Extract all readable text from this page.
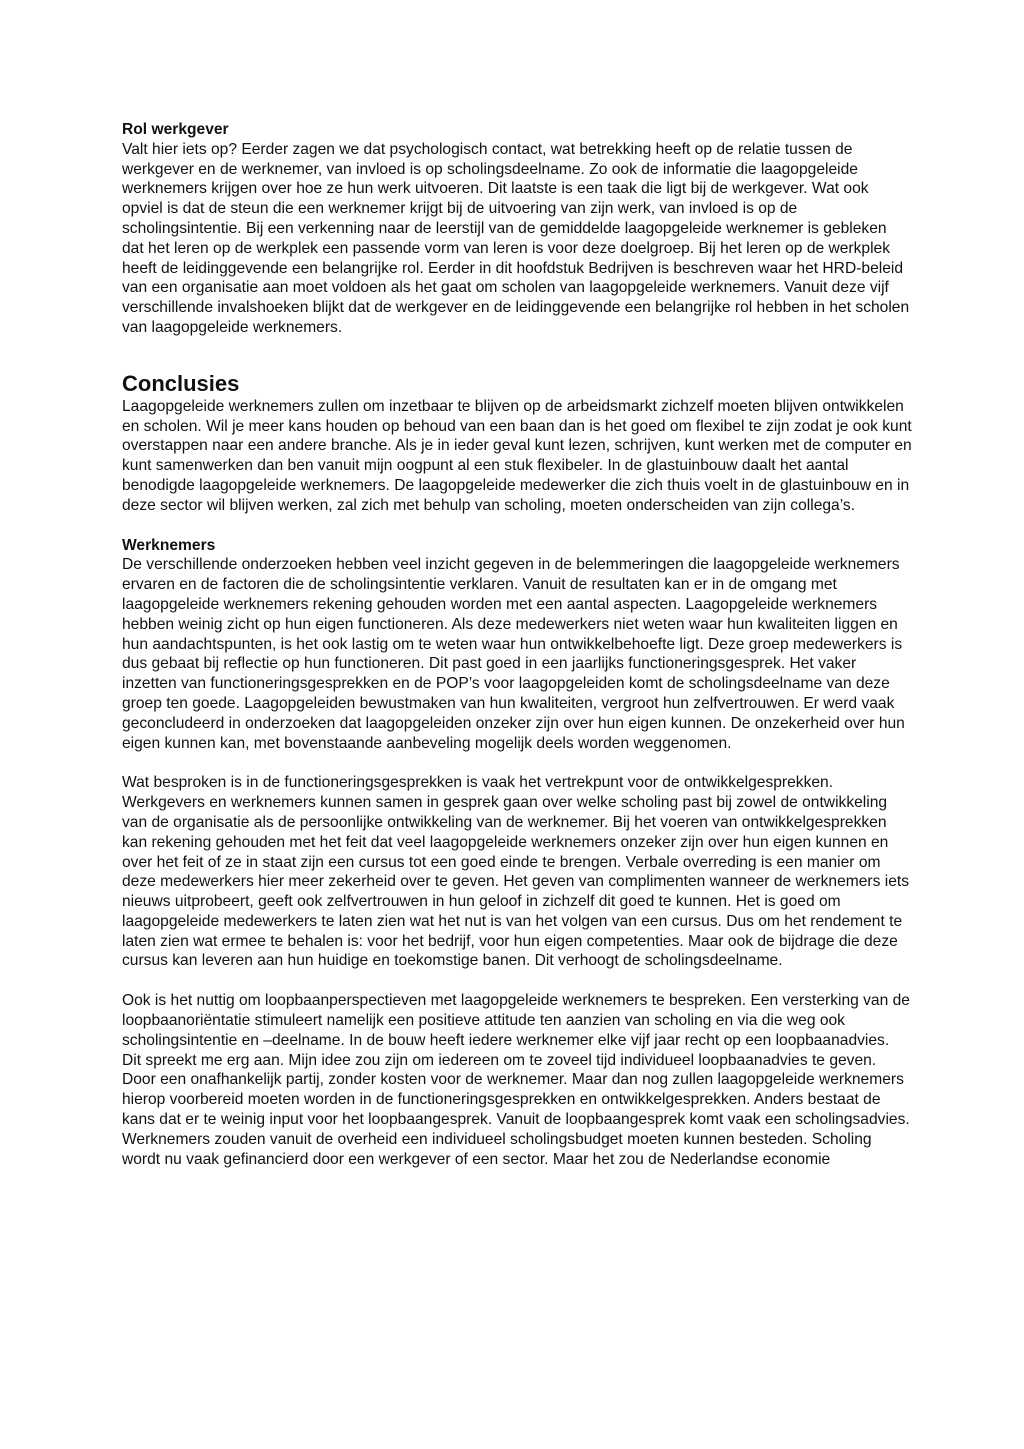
Rol werkgever

Valt hier iets op? Eerder zagen we dat psychologisch contact, wat betrekking heeft op de relatie tussen de werkgever en de werknemer, van invloed is op scholingsdeelname. Zo ook de informatie die laagopgeleide werknemers krijgen over hoe ze hun werk uitvoeren. Dit laatste is een taak die ligt bij de werkgever. Wat ook opviel is dat de steun die een werknemer krijgt bij de uitvoering van zijn werk, van invloed is op de scholingsintentie. Bij een verkenning naar de leerstijl van de gemiddelde laagopgeleide werknemer is gebleken dat het leren op de werkplek een passende vorm van leren is voor deze doelgroep. Bij het leren op de werkplek heeft de leidinggevende een belangrijke rol. Eerder in dit hoofdstuk Bedrijven is beschreven waar het HRD-beleid van een organisatie aan moet voldoen als het gaat om scholen van laagopgeleide werknemers. Vanuit deze vijf verschillende invalshoeken blijkt dat de werkgever en de leidinggevende een belangrijke rol hebben in het scholen van laagopgeleide werknemers.

Conclusies

Laagopgeleide werknemers zullen om inzetbaar te blijven op de arbeidsmarkt zichzelf moeten blijven ontwikkelen en scholen. Wil je meer kans houden op behoud van een baan dan is het goed om flexibel te zijn zodat je ook kunt overstappen naar een andere branche. Als je in ieder geval kunt lezen, schrijven, kunt werken met de computer en kunt samenwerken dan ben vanuit mijn oogpunt al een stuk flexibeler. In de glastuinbouw daalt het aantal benodigde laagopgeleide werknemers. De laagopgeleide medewerker die zich thuis voelt in de glastuinbouw en in deze sector wil blijven werken, zal zich met behulp van scholing, moeten onderscheiden van zijn collega’s.

Werknemers

De verschillende onderzoeken hebben veel inzicht gegeven in de belemmeringen die laagopgeleide werknemers ervaren en de factoren die de scholingsintentie verklaren. Vanuit de resultaten kan er in de omgang met laagopgeleide werknemers rekening gehouden worden met een aantal aspecten. Laagopgeleide werknemers hebben weinig zicht op hun eigen functioneren. Als deze medewerkers niet weten waar hun kwaliteiten liggen en hun aandachtspunten, is het ook lastig om te weten waar hun ontwikkelbehoefte ligt. Deze groep medewerkers is dus gebaat bij reflectie op hun functioneren. Dit past goed in een jaarlijks functioneringsgesprek. Het vaker inzetten van functioneringsgesprekken en de POP’s voor laagopgeleiden komt de scholingsdeelname van deze groep ten goede. Laagopgeleiden bewustmaken van hun kwaliteiten, vergroot hun zelfvertrouwen. Er werd vaak geconcludeerd in onderzoeken dat laagopgeleiden onzeker zijn over hun eigen kunnen. De onzekerheid over hun eigen kunnen kan, met bovenstaande aanbeveling mogelijk deels worden weggenomen.

Wat besproken is in de functioneringsgesprekken is vaak het vertrekpunt voor de ontwikkelgesprekken. Werkgevers en werknemers kunnen samen in gesprek gaan over welke scholing past bij zowel de ontwikkeling van de organisatie als de persoonlijke ontwikkeling van de werknemer. Bij het voeren van ontwikkelgesprekken kan rekening gehouden met het feit dat veel laagopgeleide werknemers onzeker zijn over hun eigen kunnen en over het feit of ze in staat zijn een cursus tot een goed einde te brengen. Verbale overreding is een manier om deze medewerkers hier meer zekerheid over te geven. Het geven van complimenten wanneer de werknemers iets nieuws uitprobeert, geeft ook zelfvertrouwen in hun geloof in zichzelf dit goed te kunnen. Het is goed om laagopgeleide medewerkers te laten zien wat het nut is van het volgen van een cursus. Dus om het rendement te laten zien wat ermee te behalen is: voor het bedrijf, voor hun eigen competenties. Maar ook de bijdrage die deze cursus kan leveren aan hun huidige en toekomstige banen. Dit verhoogt de scholingsdeelname.

Ook is het nuttig om loopbaanperspectieven met laagopgeleide werknemers te bespreken. Een versterking van de loopbaanoriëntatie stimuleert namelijk een positieve attitude ten aanzien van scholing en via die weg ook scholingsintentie en –deelname. In de bouw heeft iedere werknemer elke vijf jaar recht op een loopbaanadvies. Dit spreekt me erg aan. Mijn idee zou zijn om iedereen om te zoveel tijd individueel loopbaanadvies te geven. Door een onafhankelijk partij, zonder kosten voor de werknemer. Maar dan nog zullen laagopgeleide werknemers hierop voorbereid moeten worden in de functioneringsgesprekken en ontwikkelgesprekken. Anders bestaat de kans dat er te weinig input voor het loopbaangesprek. Vanuit de loopbaangesprek komt vaak een scholingsadvies. Werknemers zouden vanuit de overheid een individueel scholingsbudget moeten kunnen besteden. Scholing wordt nu vaak gefinancierd door een werkgever of een sector. Maar het zou de Nederlandse economie
